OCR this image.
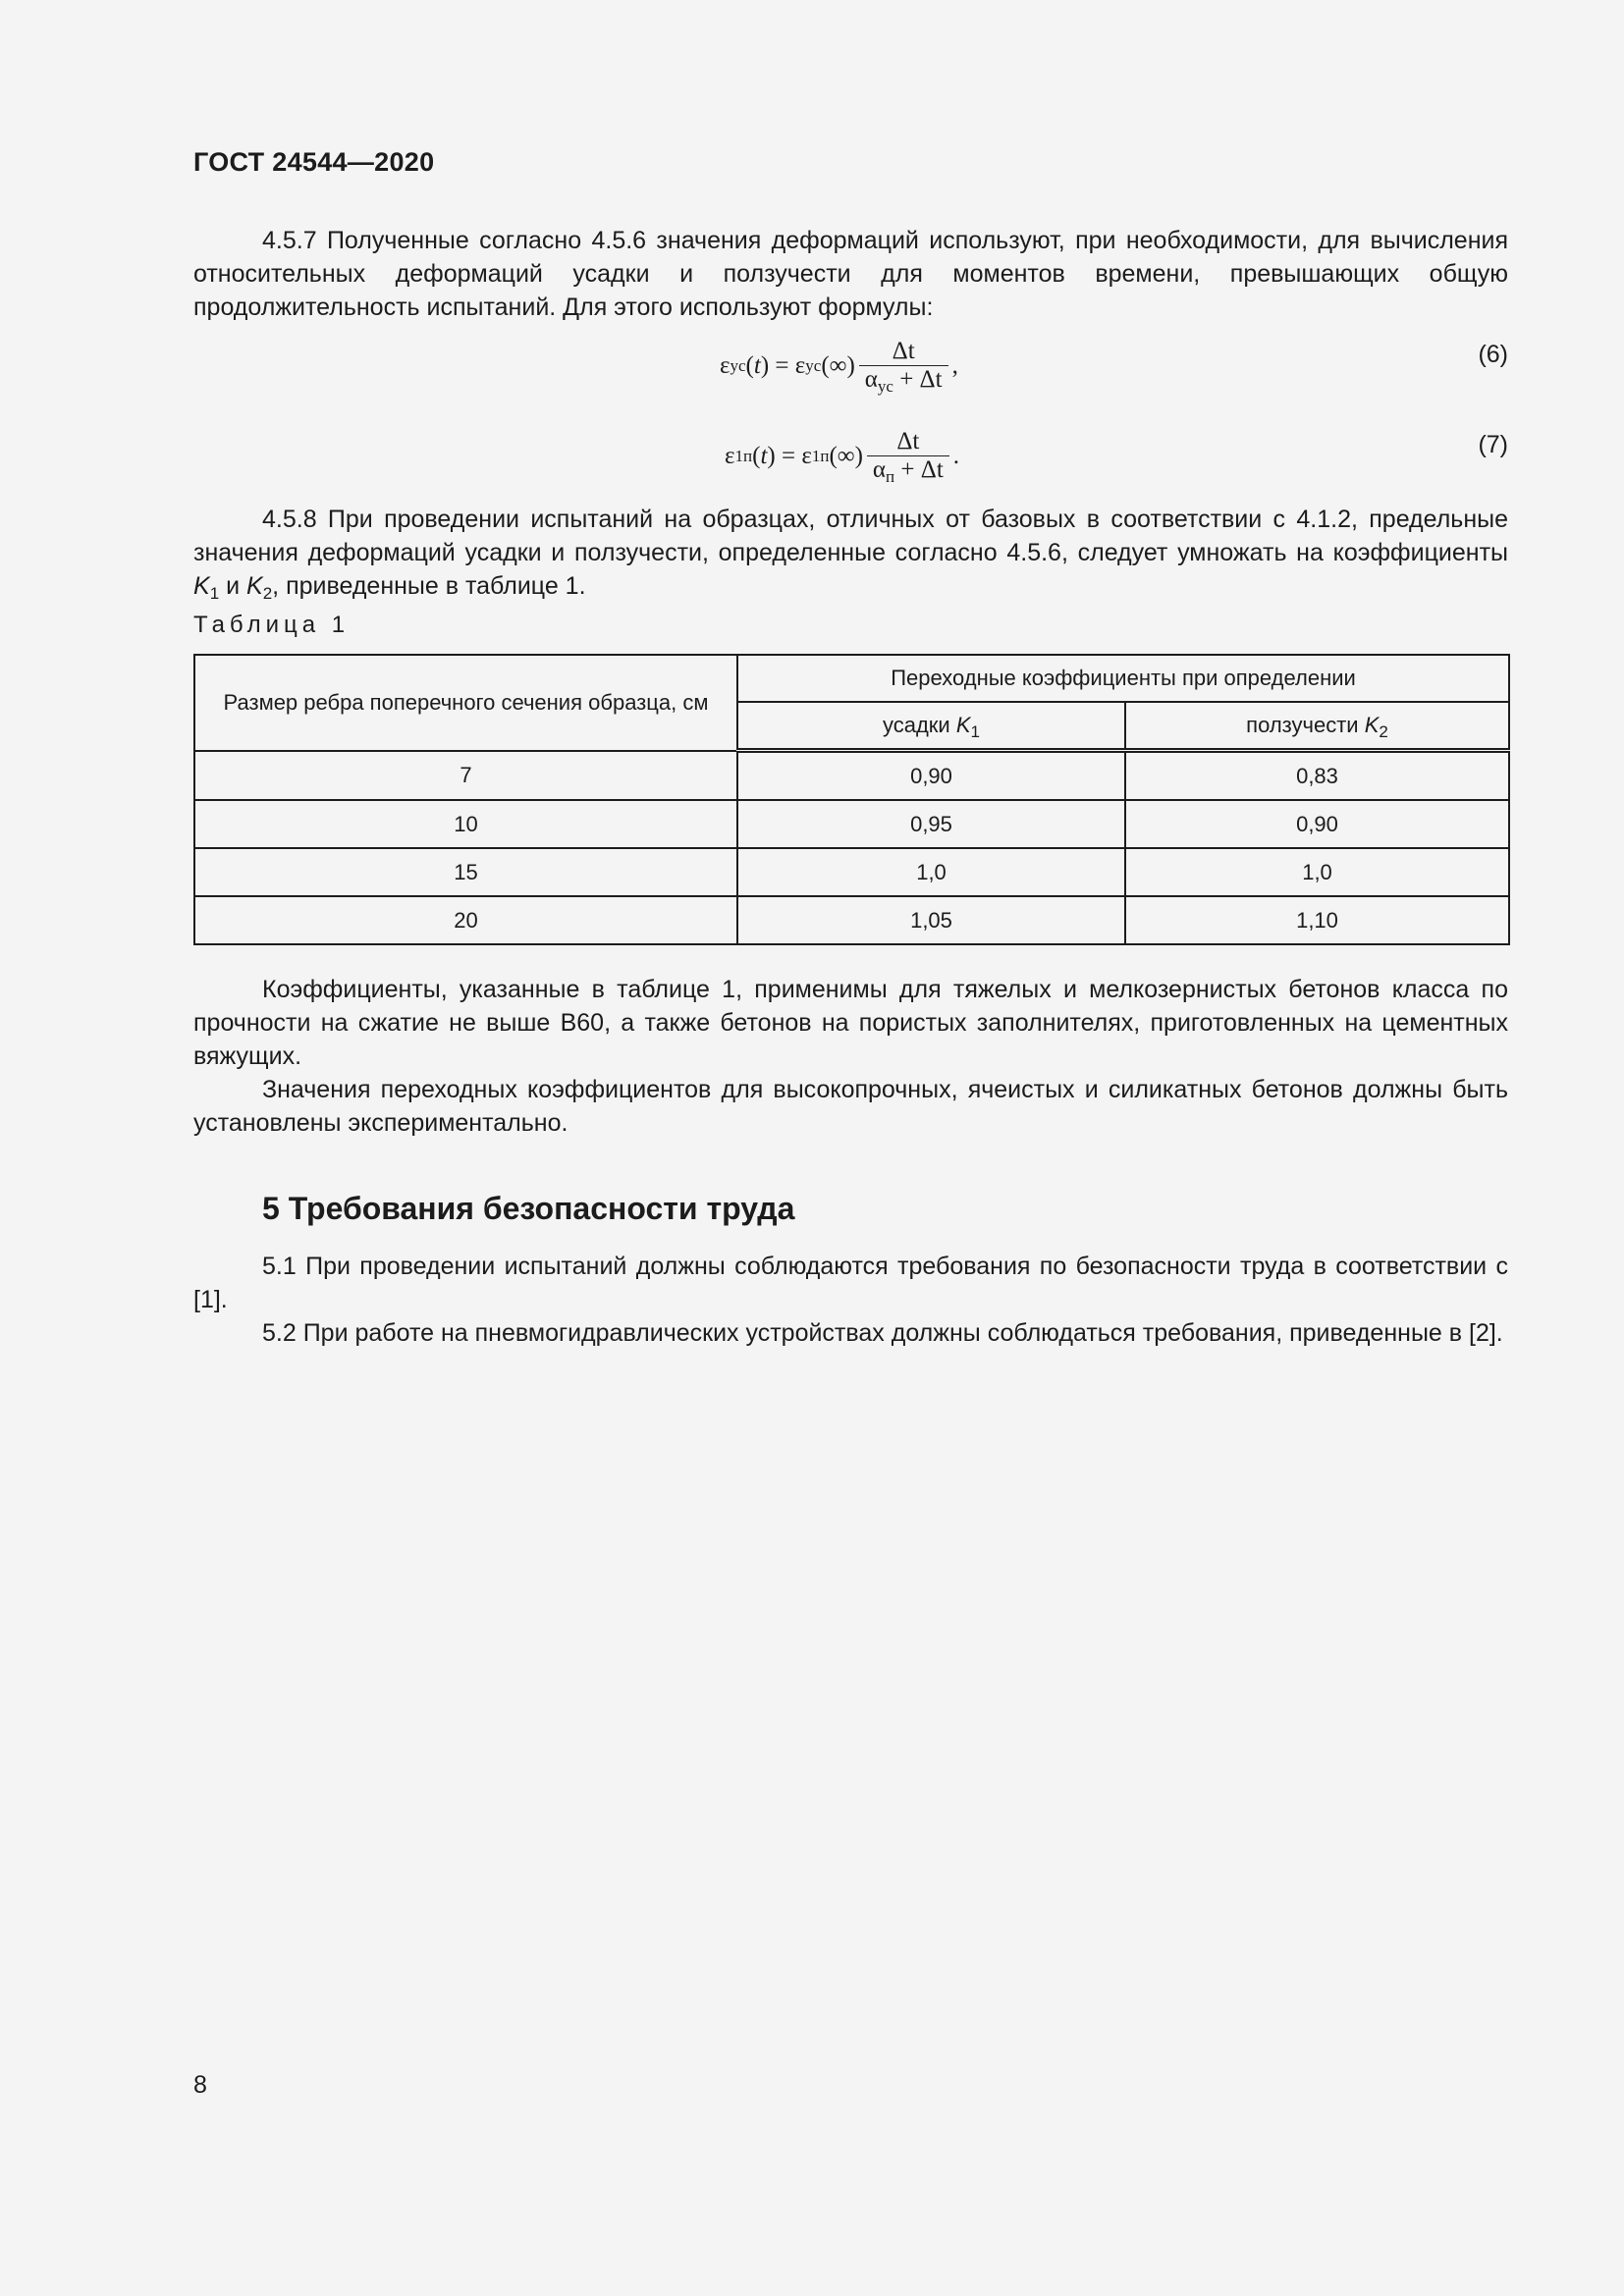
ГОСТ 24544—2020

4.5.7 Полученные согласно 4.5.6 значения деформаций используют, при необходимости, для вычисления относительных деформаций усадки и ползучести для моментов времени, превышающих общую продолжительность испытаний. Для этого используют формулы:

ε ус ( t ) = ε ус (∞) $\frac{\Delta t}{\alpha_{ус} + \Delta t}$ ,	(6)
ε 1п ( t ) = ε 1п (∞) $\frac{\Delta t}{\alpha_п + \Delta t}$ .	(7)

4.5.8 При проведении испытаний на образцах, отличных от базовых в соответствии с 4.1.2, предельные значения деформаций усадки и ползучести, определенные согласно 4.5.6, следует умножать на коэффициенты $K_1$ и $K_2$, приведенные в таблице 1.

Таблица 1
Размер ребра поперечного сечения образца, см	Переходные коэффициенты при определении	
	усадки $K_1$	ползучести $K_2$
7	0,90	0,83
10	0,95	0,90
15	1,0	1,0
20	1,05	1,10

Коэффициенты, указанные в таблице 1, применимы для тяжелых и мелкозернистых бетонов класса по прочности на сжатие не выше В60, а также бетонов на пористых заполнителях, приготовленных на цементных вяжущих.

Значения переходных коэффициентов для высокопрочных, ячеистых и силикатных бетонов должны быть установлены экспериментально.

5 Требования безопасности труда

5.1 При проведении испытаний должны соблюдаются требования по безопасности труда в соответствии с [1].

5.2 При работе на пневмогидравлических устройствах должны соблюдаться требования, приведенные в [2].

8
